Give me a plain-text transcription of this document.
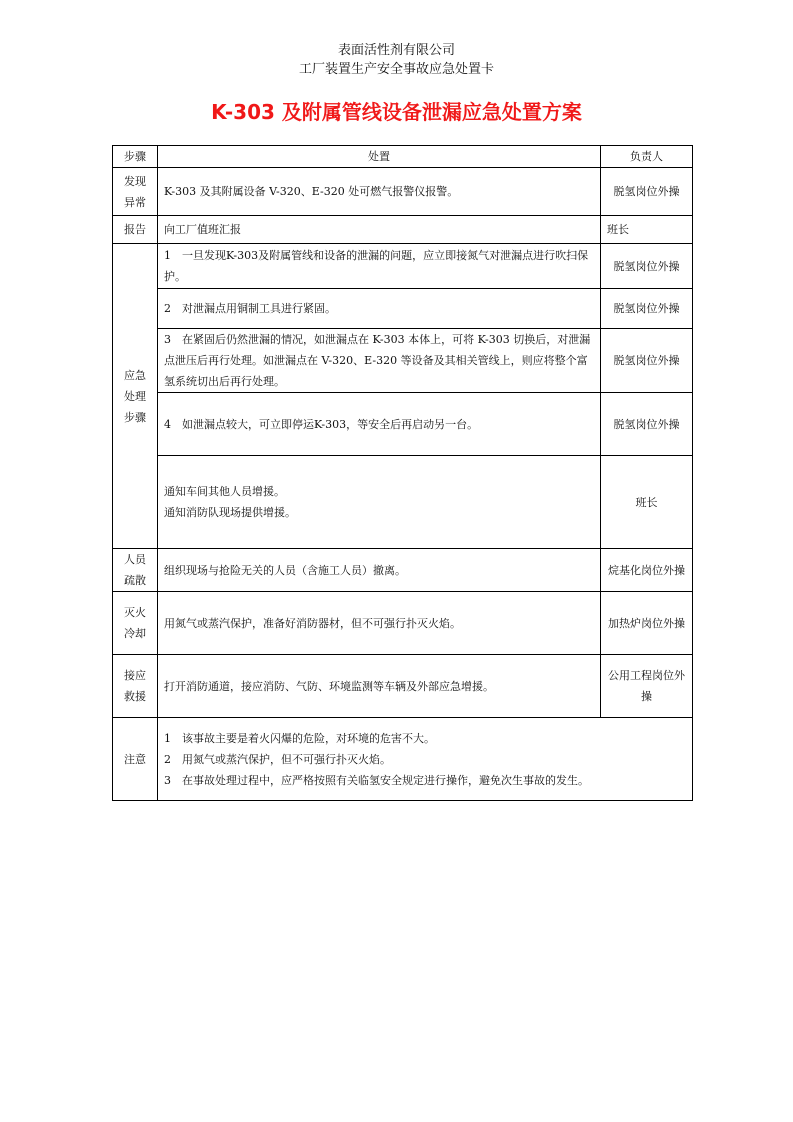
表面活性剂有限公司
工厂装置生产安全事故应急处置卡
K-303 及附属管线设备泄漏应急处置方案
步骤	处置	负责人

发现
异常	K-303 及其附属设备 V-320、E-320 处可燃气报警仪报警。	脱氢岗位外操

报告	向工厂值班汇报	班长

应急
处理
步骤	1　一旦发现K-303及附属管线和设备的泄漏的问题，应立即接氮气对泄漏点进行吹扫保护。	脱氢岗位外操

	2　对泄漏点用铜制工具进行紧固。	脱氢岗位外操

	3　在紧固后仍然泄漏的情况，如泄漏点在 K-303 本体上，可将 K-303 切换后，对泄漏点泄压后再行处理。如泄漏点在 V-320、E-320 等设备及其相关管线上，则应将整个富氢系统切出后再行处理。	脱氢岗位外操

	4　如泄漏点较大，可立即停运K-303，等安全后再启动另一台。	脱氢岗位外操

	通知车间其他人员增援。
通知消防队现场提供增援。	班长

人员
疏散	组织现场与抢险无关的人员（含施工人员）撤离。	烷基化岗位外操

灭火
冷却	用氮气或蒸汽保护，准备好消防器材，但不可强行扑灭火焰。	加热炉岗位外操

接应
救援	打开消防通道，接应消防、气防、环境监测等车辆及外部应急增援。	公用工程岗位外操

注意	1　该事故主要是着火闪爆的危险，对环境的危害不大。
2　用氮气或蒸汽保护，但不可强行扑灭火焰。
3　在事故处理过程中，应严格按照有关临氢安全规定进行操作，避免次生事故的发生。	
